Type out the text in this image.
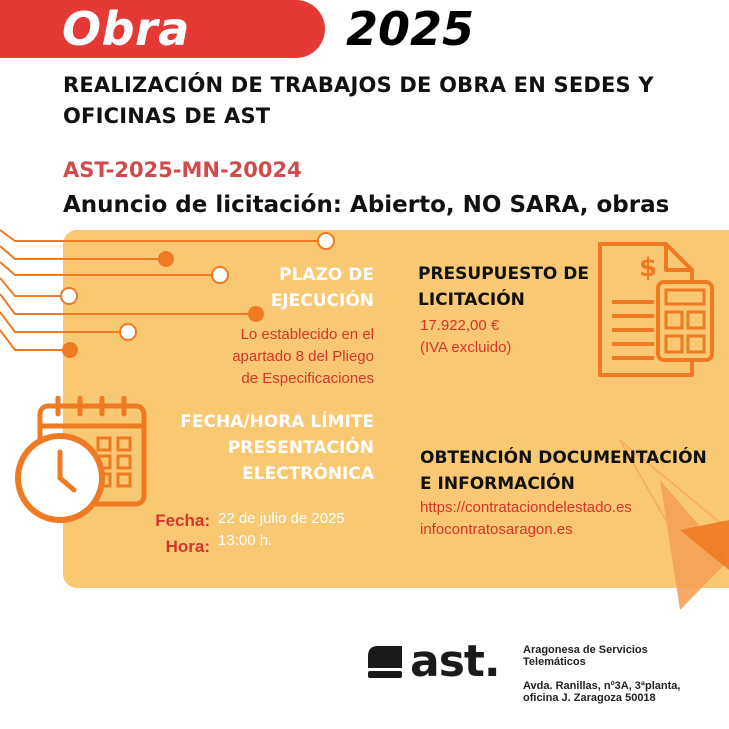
Obra	2025
REALIZACIÓN DE TRABAJOS DE OBRA EN SEDES Y OFICINAS DE AST
AST-2025-MN-20024
Anuncio de licitación: Abierto, NO SARA, obras
PLAZO DE
EJECUCIÓN
Lo establecido en el
apartado 8 del Pliego
de Especificaciones
PRESUPUESTO DE
LICITACIÓN
17.922,00 €
(IVA excluido)
$
FECHA/HORA LÍMITE
PRESENTACIÓN
ELECTRÓNICA
Fecha:
Hora:
22 de julio de 2025
13:00 h.
OBTENCIÓN DOCUMENTACIÓN
E INFORMACIÓN
https://contrataciondelestado.es
infocontratosaragon.es
ast. Aragonesa de Servicios
Telemáticos
Avda. Ranillas, nº3A, 3ªplanta,
oficina J. Zaragoza 50018
